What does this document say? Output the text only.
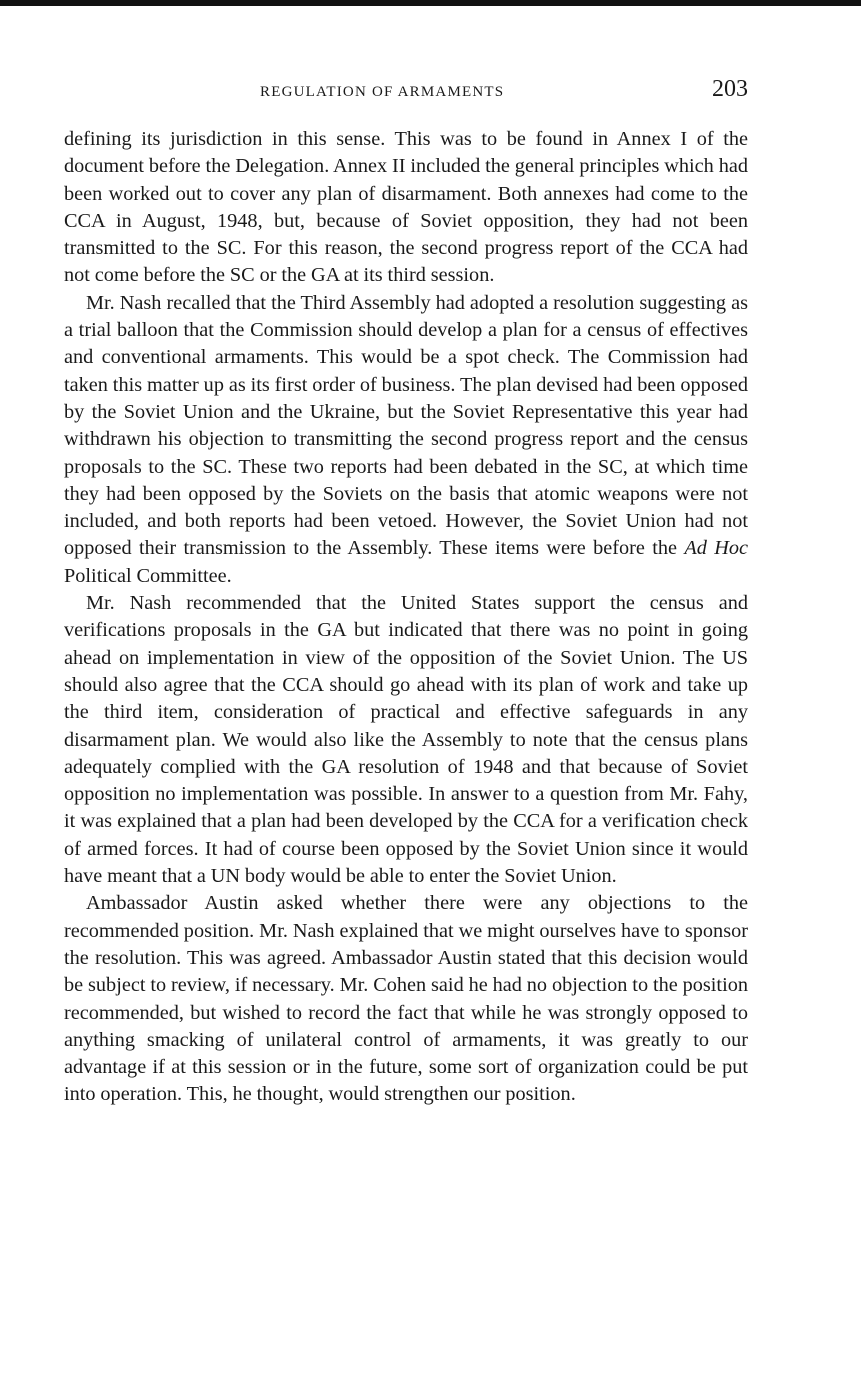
REGULATION OF ARMAMENTS	203

defining its jurisdiction in this sense. This was to be found in Annex I of the document before the Delegation. Annex II included the general principles which had been worked out to cover any plan of disarmament. Both annexes had come to the CCA in August, 1948, but, because of Soviet opposition, they had not been transmitted to the SC. For this reason, the second progress report of the CCA had not come before the SC or the GA at its third session.

Mr. Nash recalled that the Third Assembly had adopted a resolution suggesting as a trial balloon that the Commission should develop a plan for a census of effectives and conventional armaments. This would be a spot check. The Commission had taken this matter up as its first order of business. The plan devised had been opposed by the Soviet Union and the Ukraine, but the Soviet Representative this year had withdrawn his objection to transmitting the second progress report and the census proposals to the SC. These two reports had been debated in the SC, at which time they had been opposed by the Soviets on the basis that atomic weapons were not included, and both reports had been vetoed. However, the Soviet Union had not opposed their transmission to the Assembly. These items were before the Ad Hoc Political Committee.

Mr. Nash recommended that the United States support the census and verifications proposals in the GA but indicated that there was no point in going ahead on implementation in view of the opposition of the Soviet Union. The US should also agree that the CCA should go ahead with its plan of work and take up the third item, consideration of practical and effective safeguards in any disarmament plan. We would also like the Assembly to note that the census plans adequately complied with the GA resolution of 1948 and that because of Soviet opposition no implementation was possible. In answer to a question from Mr. Fahy, it was explained that a plan had been developed by the CCA for a verification check of armed forces. It had of course been opposed by the Soviet Union since it would have meant that a UN body would be able to enter the Soviet Union.

Ambassador Austin asked whether there were any objections to the recommended position. Mr. Nash explained that we might ourselves have to sponsor the resolution. This was agreed. Ambassador Austin stated that this decision would be subject to review, if necessary. Mr. Cohen said he had no objection to the position recommended, but wished to record the fact that while he was strongly opposed to anything smacking of unilateral control of armaments, it was greatly to our advantage if at this session or in the future, some sort of organization could be put into operation. This, he thought, would strengthen our position.
